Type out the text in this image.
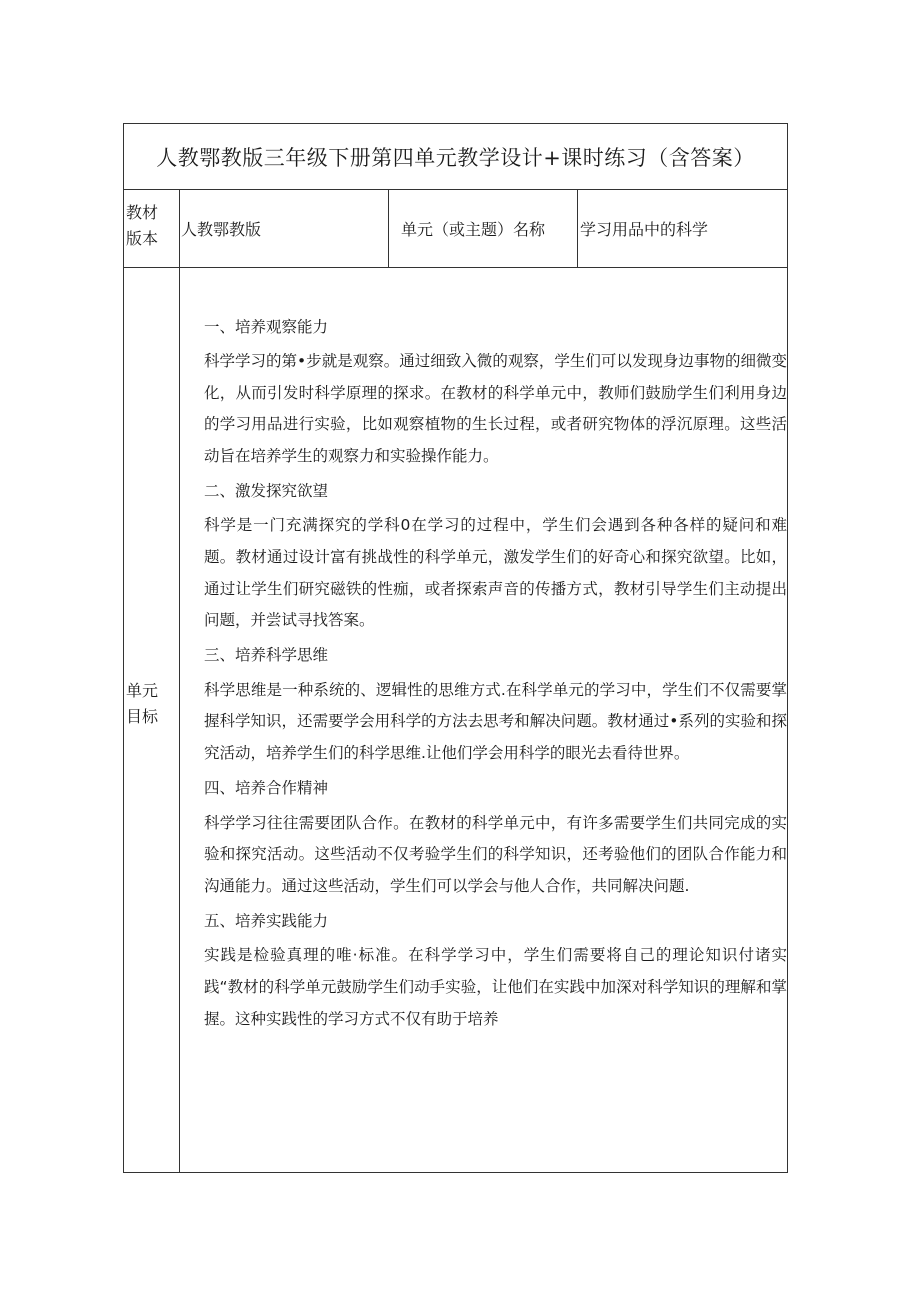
人教鄂教版三年级下册第四单元教学设计+课时练习（含答案）
教材
版本	人教鄂教版	单元（或主题）名称	学习用品中的科学
单元
目标
一、培养观察能力
科学学习的第•步就是观察。通过细致入微的观察，学生们可以发现身边事物的细微变化，从而引发时科学原理的探求。在教材的科学单元中，教师们鼓励学生们利用身边的学习用品进行实验，比如观察植物的生长过程，或者研究物体的浮沉原理。这些活动旨在培养学生的观察力和实验操作能力。
二、激发探究欲望
科学是一门充满探究的学科0在学习的过程中，学生们会遇到各种各样的疑问和难题。教材通过设计富有挑战性的科学单元，激发学生们的好奇心和探究欲望。比如，通过让学生们研究磁铁的性痂，或者探索声音的传播方式，教材引导学生们主动提出问题，并尝试寻找答案。
三、培养科学思维
科学思维是一种系统的、逻辑性的思维方式.在科学单元的学习中，学生们不仅需要掌握科学知识，还需要学会用科学的方法去思考和解决问题。教材通过•系列的实验和探究活动，培养学生们的科学思维.让他们学会用科学的眼光去看待世界。
四、培养合作精神
科学学习往往需要团队合作。在教材的科学单元中，有许多需要学生们共同完成的实验和探究活动。这些活动不仅考验学生们的科学知识，还考验他们的团队合作能力和沟通能力。通过这些活动，学生们可以学会与他人合作，共同解决问题.
五、培养实践能力
实践是检验真理的唯·标准。在科学学习中，学生们需要将自己的理论知识付诸实践“教材的科学单元鼓励学生们动手实验，让他们在实践中加深对科学知识的理解和掌握。这种实践性的学习方式不仅有助于培养
